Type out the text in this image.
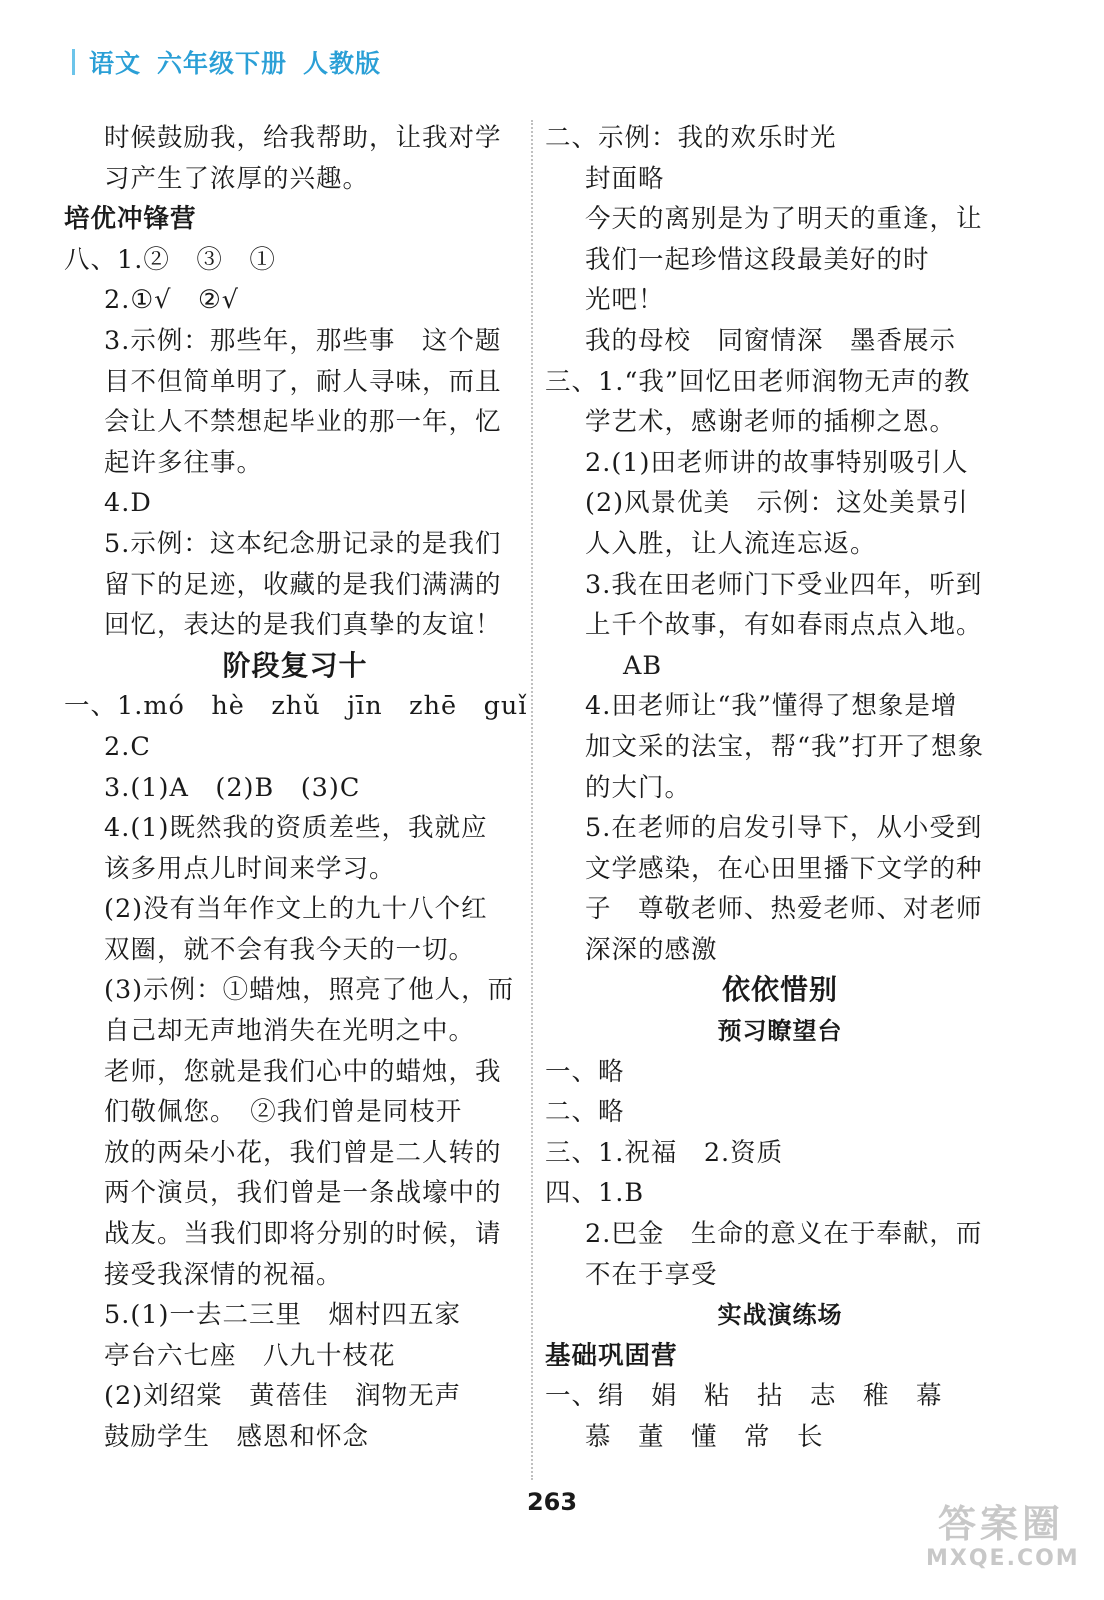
语文 六年级下册 人教版
时候鼓励我，给我帮助，让我对学
习产生了浓厚的兴趣。
培优冲锋营
八、1.②　③　①
2.①√　②√
3.示例：那些年，那些事　这个题
目不但简单明了，耐人寻味，而且
会让人不禁想起毕业的那一年，忆
起许多往事。
4.D
5.示例：这本纪念册记录的是我们
留下的足迹，收藏的是我们满满的
回忆，表达的是我们真挚的友谊！
阶段复习十
一、1.mó　hè　zhǔ　jīn　zhē　guǐ
2.C
3.(1)A　(2)B　(3)C
4.(1)既然我的资质差些，我就应
该多用点儿时间来学习。
(2)没有当年作文上的九十八个红
双圈，就不会有我今天的一切。
(3)示例：①蜡烛，照亮了他人，而
自己却无声地消失在光明之中。
老师，您就是我们心中的蜡烛，我
们敬佩您。　②我们曾是同枝开
放的两朵小花，我们曾是二人转的
两个演员，我们曾是一条战壕中的
战友。当我们即将分别的时候，请
接受我深情的祝福。
5.(1)一去二三里　烟村四五家
亭台六七座　八九十枝花
(2)刘绍棠　黄蓓佳　润物无声
鼓励学生　感恩和怀念
二、示例：我的欢乐时光
封面略
今天的离别是为了明天的重逢，让
我们一起珍惜这段最美好的时
光吧！
我的母校　同窗情深　墨香展示
三、1.“我”回忆田老师润物无声的教
学艺术，感谢老师的插柳之恩。
2.(1)田老师讲的故事特别吸引人
(2)风景优美　示例：这处美景引
人入胜，让人流连忘返。
3.我在田老师门下受业四年，听到
上千个故事，有如春雨点点入地。
AB
4.田老师让“我”懂得了想象是增
加文采的法宝，帮“我”打开了想象
的大门。
5.在老师的启发引导下，从小受到
文学感染，在心田里播下文学的种
子　尊敬老师、热爱老师、对老师
深深的感激
依依惜别
预习瞭望台
一、略
二、略
三、1.祝福　2.资质
四、1.B
2.巴金　生命的意义在于奉献，而
不在于享受
实战演练场
基础巩固营
一、绢　娟　粘　拈　志　稚　幕
慕　董　懂　常　长
263	答案圈
MXQE.COM
